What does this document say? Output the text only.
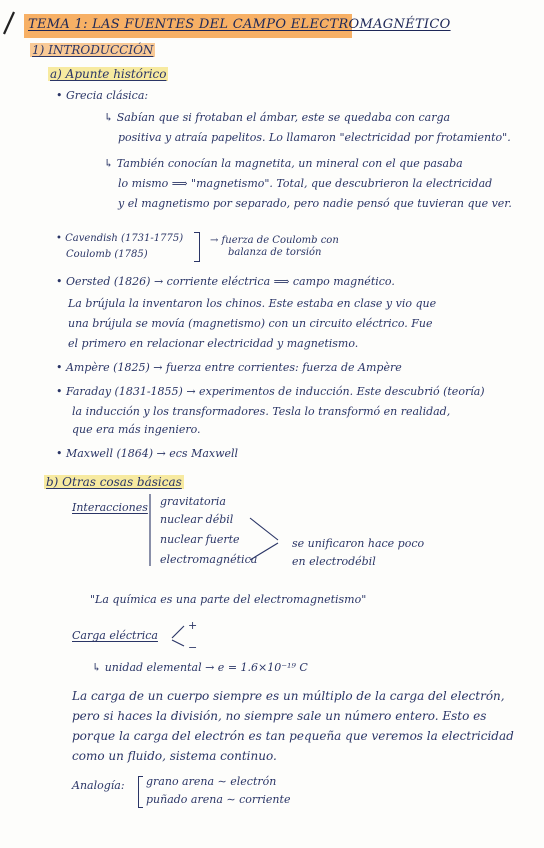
TEMA 1: LAS FUENTES DEL CAMPO ELECTROMAGNÉTICO
1) INTRODUCCIÓN
a) Apunte histórico
• Grecia clásica:
↳ Sabían que si frotaban el ámbar, este se quedaba con carga
positiva y atraía papelitos. Lo llamaron "electricidad por frotamiento".
↳ También conocían la magnetita, un mineral con el que pasaba
lo mismo ⟹ "magnetismo". Total, que descubrieron la electricidad
y el magnetismo por separado, pero nadie pensó que tuvieran que ver.
• Cavendish (1731-1775)
Coulomb (1785)
→ fuerza de Coulomb con
balanza de torsión
• Oersted (1826) → corriente eléctrica ⟹ campo magnético.
La brújula la inventaron los chinos. Este estaba en clase y vio que
una brújula se movía (magnetismo) con un circuito eléctrico. Fue
el primero en relacionar electricidad y magnetismo.
• Ampère (1825) → fuerza entre corrientes: fuerza de Ampère
• Faraday (1831-1855) → experimentos de inducción. Este descubrió (teoría)
la inducción y los transformadores. Tesla lo transformó en realidad,
que era más ingeniero.
• Maxwell (1864) → ecs Maxwell
b) Otras cosas básicas
Interacciones gravitatoria
nuclear débil
nuclear fuerte
electromagnética
se unificaron hace poco
en electrodébil
"La química es una parte del electromagnetismo"
Carga eléctrica
+
−
↳ unidad elemental → e = 1.6×10⁻¹⁹ C
La carga de un cuerpo siempre es un múltiplo de la carga del electrón,
pero si haces la división, no siempre sale un número entero. Esto es
porque la carga del electrón es tan pequeña que veremos la electricidad
como un fluido, sistema continuo.
Analogía: grano arena ∼ electrón
puñado arena ∼ corriente
